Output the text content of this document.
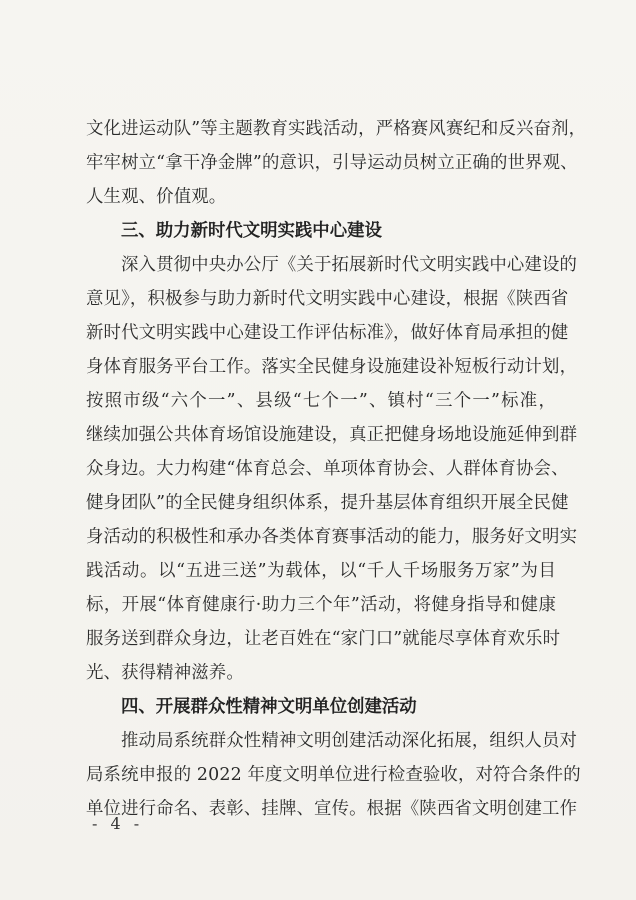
文化进运动队”等主题教育实践活动，严格赛风赛纪和反兴奋剂，
牢牢树立“拿干净金牌”的意识，引导运动员树立正确的世界观、
人生观、价值观。
三、助力新时代文明实践中心建设
深入贯彻中央办公厅《关于拓展新时代文明实践中心建设的
意见》，积极参与助力新时代文明实践中心建设，根据《陕西省
新时代文明实践中心建设工作评估标准》，做好体育局承担的健
身体育服务平台工作。落实全民健身设施建设补短板行动计划，
按照市级“六个一”、县级“七个一”、镇村“三个一”标准，
继续加强公共体育场馆设施建设，真正把健身场地设施延伸到群
众身边。大力构建“体育总会、单项体育协会、人群体育协会、
健身团队”的全民健身组织体系，提升基层体育组织开展全民健
身活动的积极性和承办各类体育赛事活动的能力，服务好文明实
践活动。以“五进三送”为载体，以“千人千场服务万家”为目
标，开展“体育健康行·助力三个年”活动，将健身指导和健康
服务送到群众身边，让老百姓在“家门口”就能尽享体育欢乐时
光、获得精神滋养。
四、开展群众性精神文明单位创建活动
推动局系统群众性精神文明创建活动深化拓展，组织人员对
局系统申报的 2022 年度文明单位进行检查验收，对符合条件的
单位进行命名、表彰、挂牌、宣传。根据《陕西省文明创建工作
- 4 -
